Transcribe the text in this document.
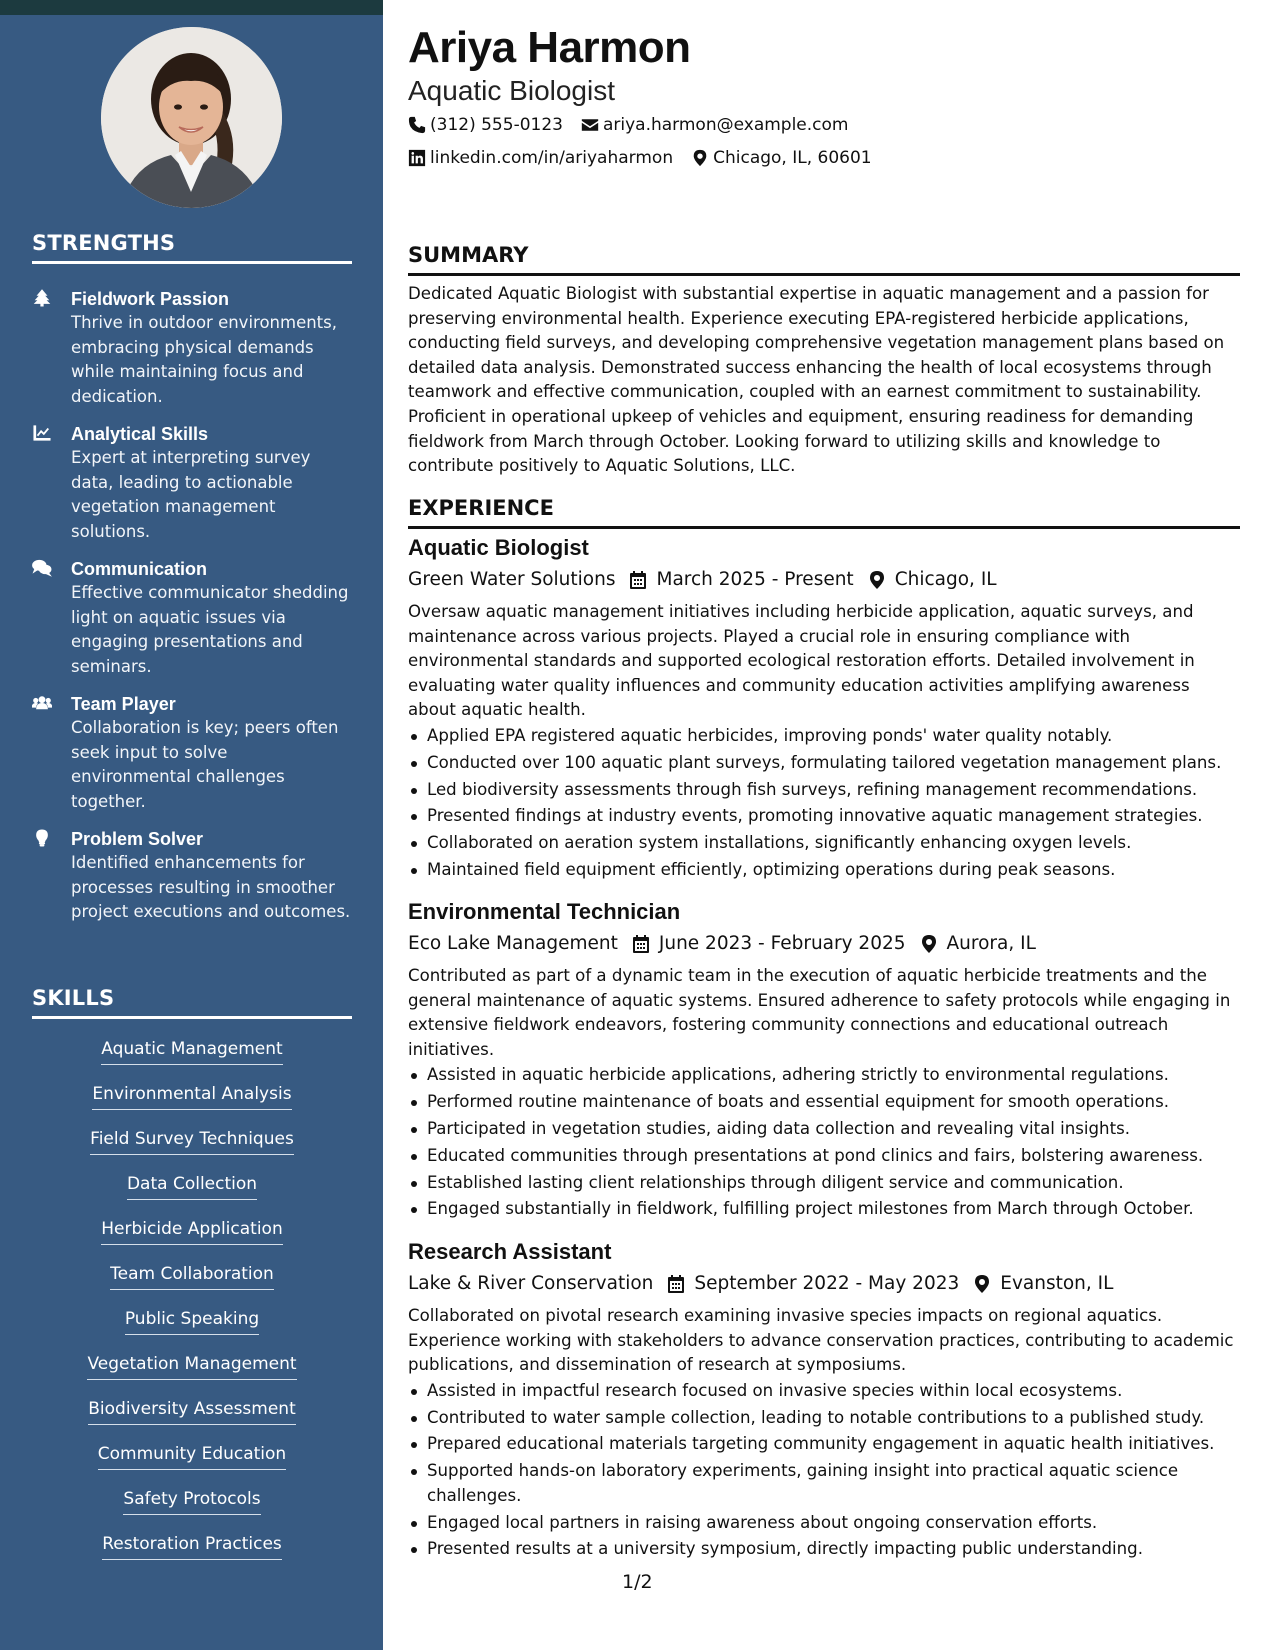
STRENGTHS
Fieldwork Passion
Thrive in outdoor environments, embracing physical demands while maintaining focus and dedication.
Analytical Skills
Expert at interpreting survey data, leading to actionable vegetation management solutions.
Communication
Effective communicator shedding light on aquatic issues via engaging presentations and seminars.
Team Player
Collaboration is key; peers often seek input to solve environmental challenges together.
Problem Solver
Identified enhancements for processes resulting in smoother project executions and outcomes.
SKILLS
Aquatic Management
Environmental Analysis
Field Survey Techniques
Data Collection
Herbicide Application
Team Collaboration
Public Speaking
Vegetation Management
Biodiversity Assessment
Community Education
Safety Protocols
Restoration Practices
Ariya Harmon
Aquatic Biologist
(312) 555-0123 ariya.harmon@example.com
linkedin.com/in/ariyaharmon Chicago, IL, 60601
SUMMARY
Dedicated Aquatic Biologist with substantial expertise in aquatic management and a passion for preserving environmental health. Experience executing EPA-registered herbicide applications, conducting field surveys, and developing comprehensive vegetation management plans based on detailed data analysis. Demonstrated success enhancing the health of local ecosystems through teamwork and effective communication, coupled with an earnest commitment to sustainability. Proficient in operational upkeep of vehicles and equipment, ensuring readiness for demanding fieldwork from March through October. Looking forward to utilizing skills and knowledge to contribute positively to Aquatic Solutions, LLC.
EXPERIENCE
Aquatic Biologist
Green Water Solutions March 2025 - Present Chicago, IL
Oversaw aquatic management initiatives including herbicide application, aquatic surveys, and maintenance across various projects. Played a crucial role in ensuring compliance with environmental standards and supported ecological restoration efforts. Detailed involvement in evaluating water quality influences and community education activities amplifying awareness about aquatic health.
Applied EPA registered aquatic herbicides, improving ponds' water quality notably.
Conducted over 100 aquatic plant surveys, formulating tailored vegetation management plans.
Led biodiversity assessments through fish surveys, refining management recommendations.
Presented findings at industry events, promoting innovative aquatic management strategies.
Collaborated on aeration system installations, significantly enhancing oxygen levels.
Maintained field equipment efficiently, optimizing operations during peak seasons.
Environmental Technician
Eco Lake Management June 2023 - February 2025 Aurora, IL
Contributed as part of a dynamic team in the execution of aquatic herbicide treatments and the general maintenance of aquatic systems. Ensured adherence to safety protocols while engaging in extensive fieldwork endeavors, fostering community connections and educational outreach initiatives.
Assisted in aquatic herbicide applications, adhering strictly to environmental regulations.
Performed routine maintenance of boats and essential equipment for smooth operations.
Participated in vegetation studies, aiding data collection and revealing vital insights.
Educated communities through presentations at pond clinics and fairs, bolstering awareness.
Established lasting client relationships through diligent service and communication.
Engaged substantially in fieldwork, fulfilling project milestones from March through October.
Research Assistant
Lake & River Conservation September 2022 - May 2023 Evanston, IL
Collaborated on pivotal research examining invasive species impacts on regional aquatics. Experience working with stakeholders to advance conservation practices, contributing to academic publications, and dissemination of research at symposiums.
Assisted in impactful research focused on invasive species within local ecosystems.
Contributed to water sample collection, leading to notable contributions to a published study.
Prepared educational materials targeting community engagement in aquatic health initiatives.
Supported hands-on laboratory experiments, gaining insight into practical aquatic science challenges.
Engaged local partners in raising awareness about ongoing conservation efforts.
Presented results at a university symposium, directly impacting public understanding.
1/2
